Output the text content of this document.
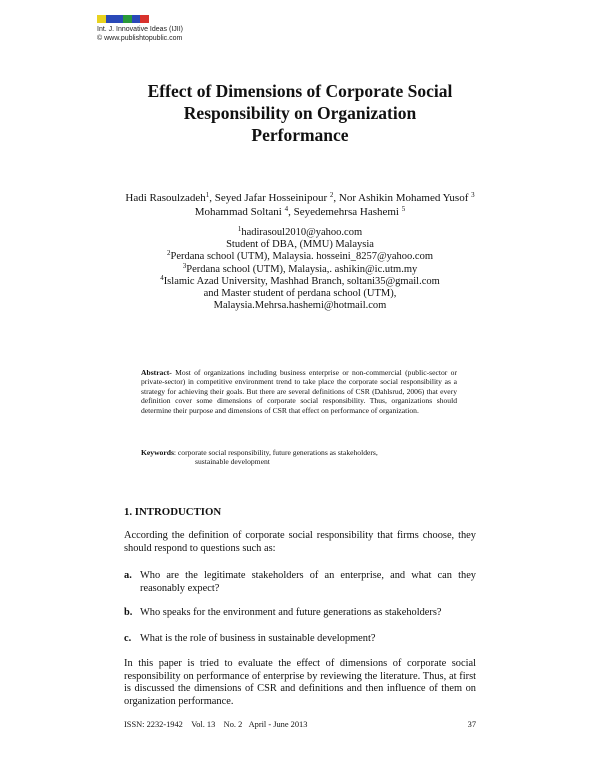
Int. J. Innovative Ideas (IJII)
© www.publishtopublic.com
Effect of Dimensions of Corporate Social
Responsibility on Organization
Performance
Hadi Rasoulzadeh$^1$, Seyed Jafar Hosseinipour $^2$, Nor Ashikin Mohamed Yusof $^3$
Mohammad Soltani $^4$, Seyedemehrsa Hashemi $^5$
$^1$hadirasoul2010@yahoo.com
Student of DBA, (MMU) Malaysia
$^2$Perdana school (UTM), Malaysia. hosseini_8257@yahoo.com
$^3$Perdana school (UTM), Malaysia,. ashikin@ic.utm.my
$^4$Islamic Azad University, Mashhad Branch, soltani35@gmail.com
and Master student of perdana school (UTM),
Malaysia.Mehrsa.hashemi@hotmail.com
Abstract- Most of organizations including business enterprise or non-commercial (public-sector or private-sector) in competitive environment trend to take place the corporate social responsibility as a strategy for achieving their goals. But there are several definitions of CSR (Dahlsrud, 2006) that every definition cover some dimensions of corporate social responsibility. Thus, organizations should determine their purpose and dimensions of CSR that effect on performance of organization.
Keywords: corporate social responsibility, future generations as stakeholders,
sustainable development
1. INTRODUCTION
According the definition of corporate social responsibility that firms choose, they should respond to questions such as:
a. Who are the legitimate stakeholders of an enterprise, and what can they reasonably expect?
b. Who speaks for the environment and future generations as stakeholders?
c. What is the role of business in sustainable development?
In this paper is tried to evaluate the effect of dimensions of corporate social responsibility on performance of enterprise by reviewing the literature. Thus, at first is discussed the dimensions of CSR and definitions and then influence of them on organization performance.
ISSN: 2232-1942
Vol. 13
No. 2
April - June 2013	37
